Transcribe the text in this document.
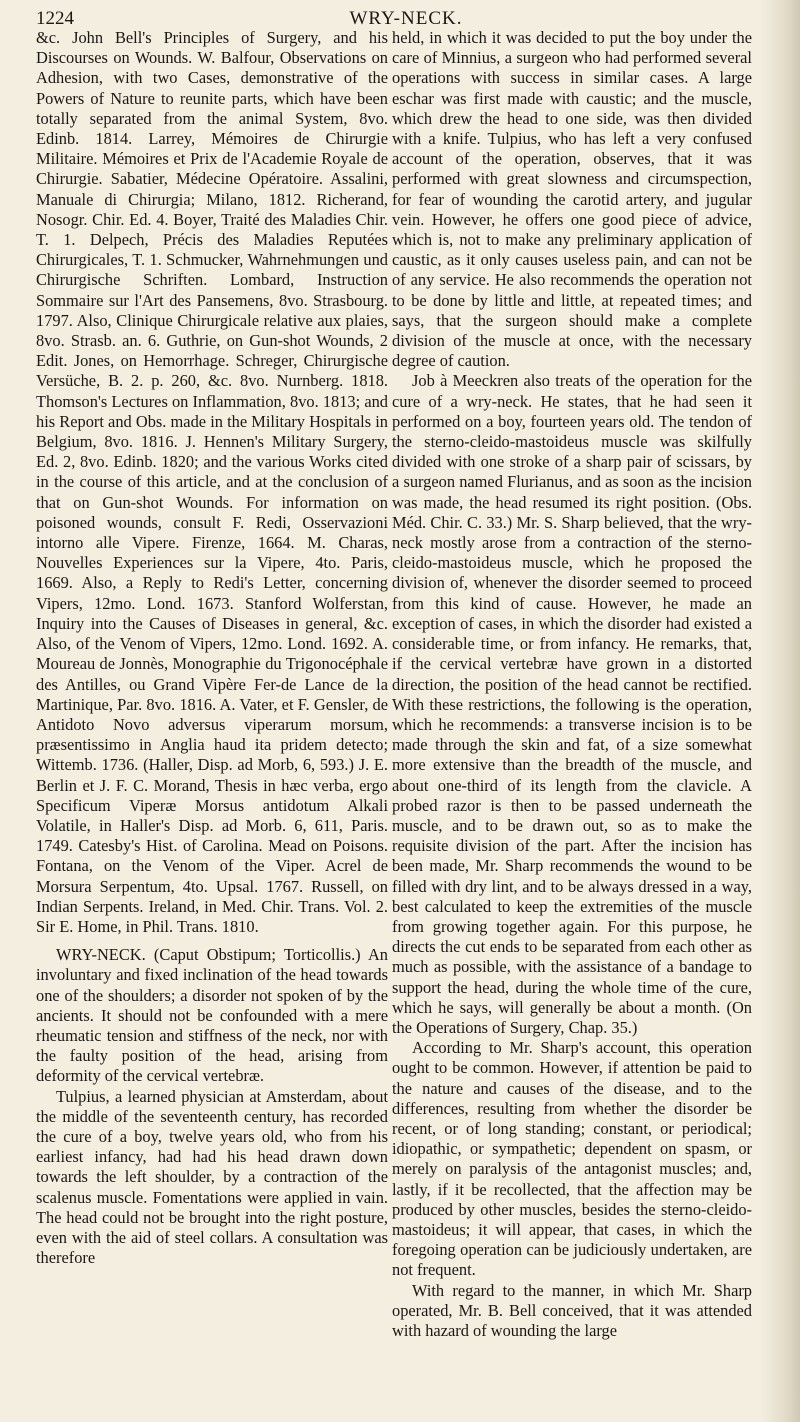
1224	WRY-NECK.

&c. John Bell's Principles of Surgery, and his Discourses on Wounds. W. Balfour, Observations on Adhesion, with two Cases, demonstrative of the Powers of Nature to reunite parts, which have been totally separated from the animal System, 8vo. Edinb. 1814. Larrey, Mémoires de Chirurgie Militaire. Mémoires et Prix de l'Academie Royale de Chirurgie. Sabatier, Médecine Opératoire. Assalini, Manuale di Chirurgia; Milano, 1812. Richerand, Nosogr. Chir. Ed. 4. Boyer, Traité des Maladies Chir. T. 1. Delpech, Précis des Maladies Reputées Chirurgicales, T. 1. Schmucker, Wahrnehmungen und Chirurgische Schriften. Lombard, Instruction Sommaire sur l'Art des Pansemens, 8vo. Strasbourg. 1797. Also, Clinique Chirurgicale relative aux plaies, 8vo. Strasb. an. 6. Guthrie, on Gun-shot Wounds, 2 Edit. Jones, on Hemorrhage. Schreger, Chirurgische Versüche, B. 2. p. 260, &c. 8vo. Nurnberg. 1818. Thomson's Lectures on Inflammation, 8vo. 1813; and his Report and Obs. made in the Military Hospitals in Belgium, 8vo. 1816. J. Hennen's Military Surgery, Ed. 2, 8vo. Edinb. 1820; and the various Works cited in the course of this article, and at the conclusion of that on Gun-shot Wounds. For information on poisoned wounds, consult F. Redi, Osservazioni intorno alle Vipere. Firenze, 1664. M. Charas, Nouvelles Experiences sur la Vipere, 4to. Paris, 1669. Also, a Reply to Redi's Letter, concerning Vipers, 12mo. Lond. 1673. Stanford Wolferstan, Inquiry into the Causes of Diseases in general, &c. Also, of the Venom of Vipers, 12mo. Lond. 1692. A. Moureau de Jonnès, Monographie du Trigonocéphale des Antilles, ou Grand Vipère Fer-de Lance de la Martinique, Par. 8vo. 1816. A. Vater, et F. Gensler, de Antidoto Novo adversus viperarum morsum, præsentissimo in Anglia haud ita pridem detecto; Wittemb. 1736. (Haller, Disp. ad Morb, 6, 593.) J. E. Berlin et J. F. C. Morand, Thesis in hæc verba, ergo Specificum Viperæ Morsus antidotum Alkali Volatile, in Haller's Disp. ad Morb. 6, 611, Paris. 1749. Catesby's Hist. of Carolina. Mead on Poisons. Fontana, on the Venom of the Viper. Acrel de Morsura Serpentum, 4to. Upsal. 1767. Russell, on Indian Serpents. Ireland, in Med. Chir. Trans. Vol. 2. Sir E. Home, in Phil. Trans. 1810.

WRY-NECK. (Caput Obstipum; Torticollis.) An involuntary and fixed inclination of the head towards one of the shoulders; a disorder not spoken of by the ancients. It should not be confounded with a mere rheumatic tension and stiffness of the neck, nor with the faulty position of the head, arising from deformity of the cervical vertebræ.

Tulpius, a learned physician at Amsterdam, about the middle of the seventeenth century, has recorded the cure of a boy, twelve years old, who from his earliest infancy, had had his head drawn down towards the left shoulder, by a contraction of the scalenus muscle. Fomentations were applied in vain. The head could not be brought into the right posture, even with the aid of steel collars. A consultation was therefore

held, in which it was decided to put the boy under the care of Minnius, a surgeon who had performed several operations with success in similar cases. A large eschar was first made with caustic; and the muscle, which drew the head to one side, was then divided with a knife. Tulpius, who has left a very confused account of the operation, observes, that it was performed with great slowness and circumspection, for fear of wounding the carotid artery, and jugular vein. However, he offers one good piece of advice, which is, not to make any preliminary application of caustic, as it only causes useless pain, and can not be of any service. He also recommends the operation not to be done by little and little, at repeated times; and says, that the surgeon should make a complete division of the muscle at once, with the necessary degree of caution.

Job à Meeckren also treats of the operation for the cure of a wry-neck. He states, that he had seen it performed on a boy, fourteen years old. The tendon of the sterno-cleido-mastoideus muscle was skilfully divided with one stroke of a sharp pair of scissars, by a surgeon named Flurianus, and as soon as the incision was made, the head resumed its right position. (Obs. Méd. Chir. C. 33.) Mr. S. Sharp believed, that the wry-neck mostly arose from a contraction of the sterno-cleido-mastoideus muscle, which he proposed the division of, whenever the disorder seemed to proceed from this kind of cause. However, he made an exception of cases, in which the disorder had existed a considerable time, or from infancy. He remarks, that, if the cervical vertebræ have grown in a distorted direction, the position of the head cannot be rectified. With these restrictions, the following is the operation, which he recommends: a transverse incision is to be made through the skin and fat, of a size somewhat more extensive than the breadth of the muscle, and about one-third of its length from the clavicle. A probed razor is then to be passed underneath the muscle, and to be drawn out, so as to make the requisite division of the part. After the incision has been made, Mr. Sharp recommends the wound to be filled with dry lint, and to be always dressed in a way, best calculated to keep the extremities of the muscle from growing together again. For this purpose, he directs the cut ends to be separated from each other as much as possible, with the assistance of a bandage to support the head, during the whole time of the cure, which he says, will generally be about a month. (On the Operations of Surgery, Chap. 35.)

According to Mr. Sharp's account, this operation ought to be common. However, if attention be paid to the nature and causes of the disease, and to the differences, resulting from whether the disorder be recent, or of long standing; constant, or periodical; idiopathic, or sympathetic; dependent on spasm, or merely on paralysis of the antagonist muscles; and, lastly, if it be recollected, that the affection may be produced by other muscles, besides the sterno-cleido-mastoideus; it will appear, that cases, in which the foregoing operation can be judiciously undertaken, are not frequent.

With regard to the manner, in which Mr. Sharp operated, Mr. B. Bell conceived, that it was attended with hazard of wounding the large
